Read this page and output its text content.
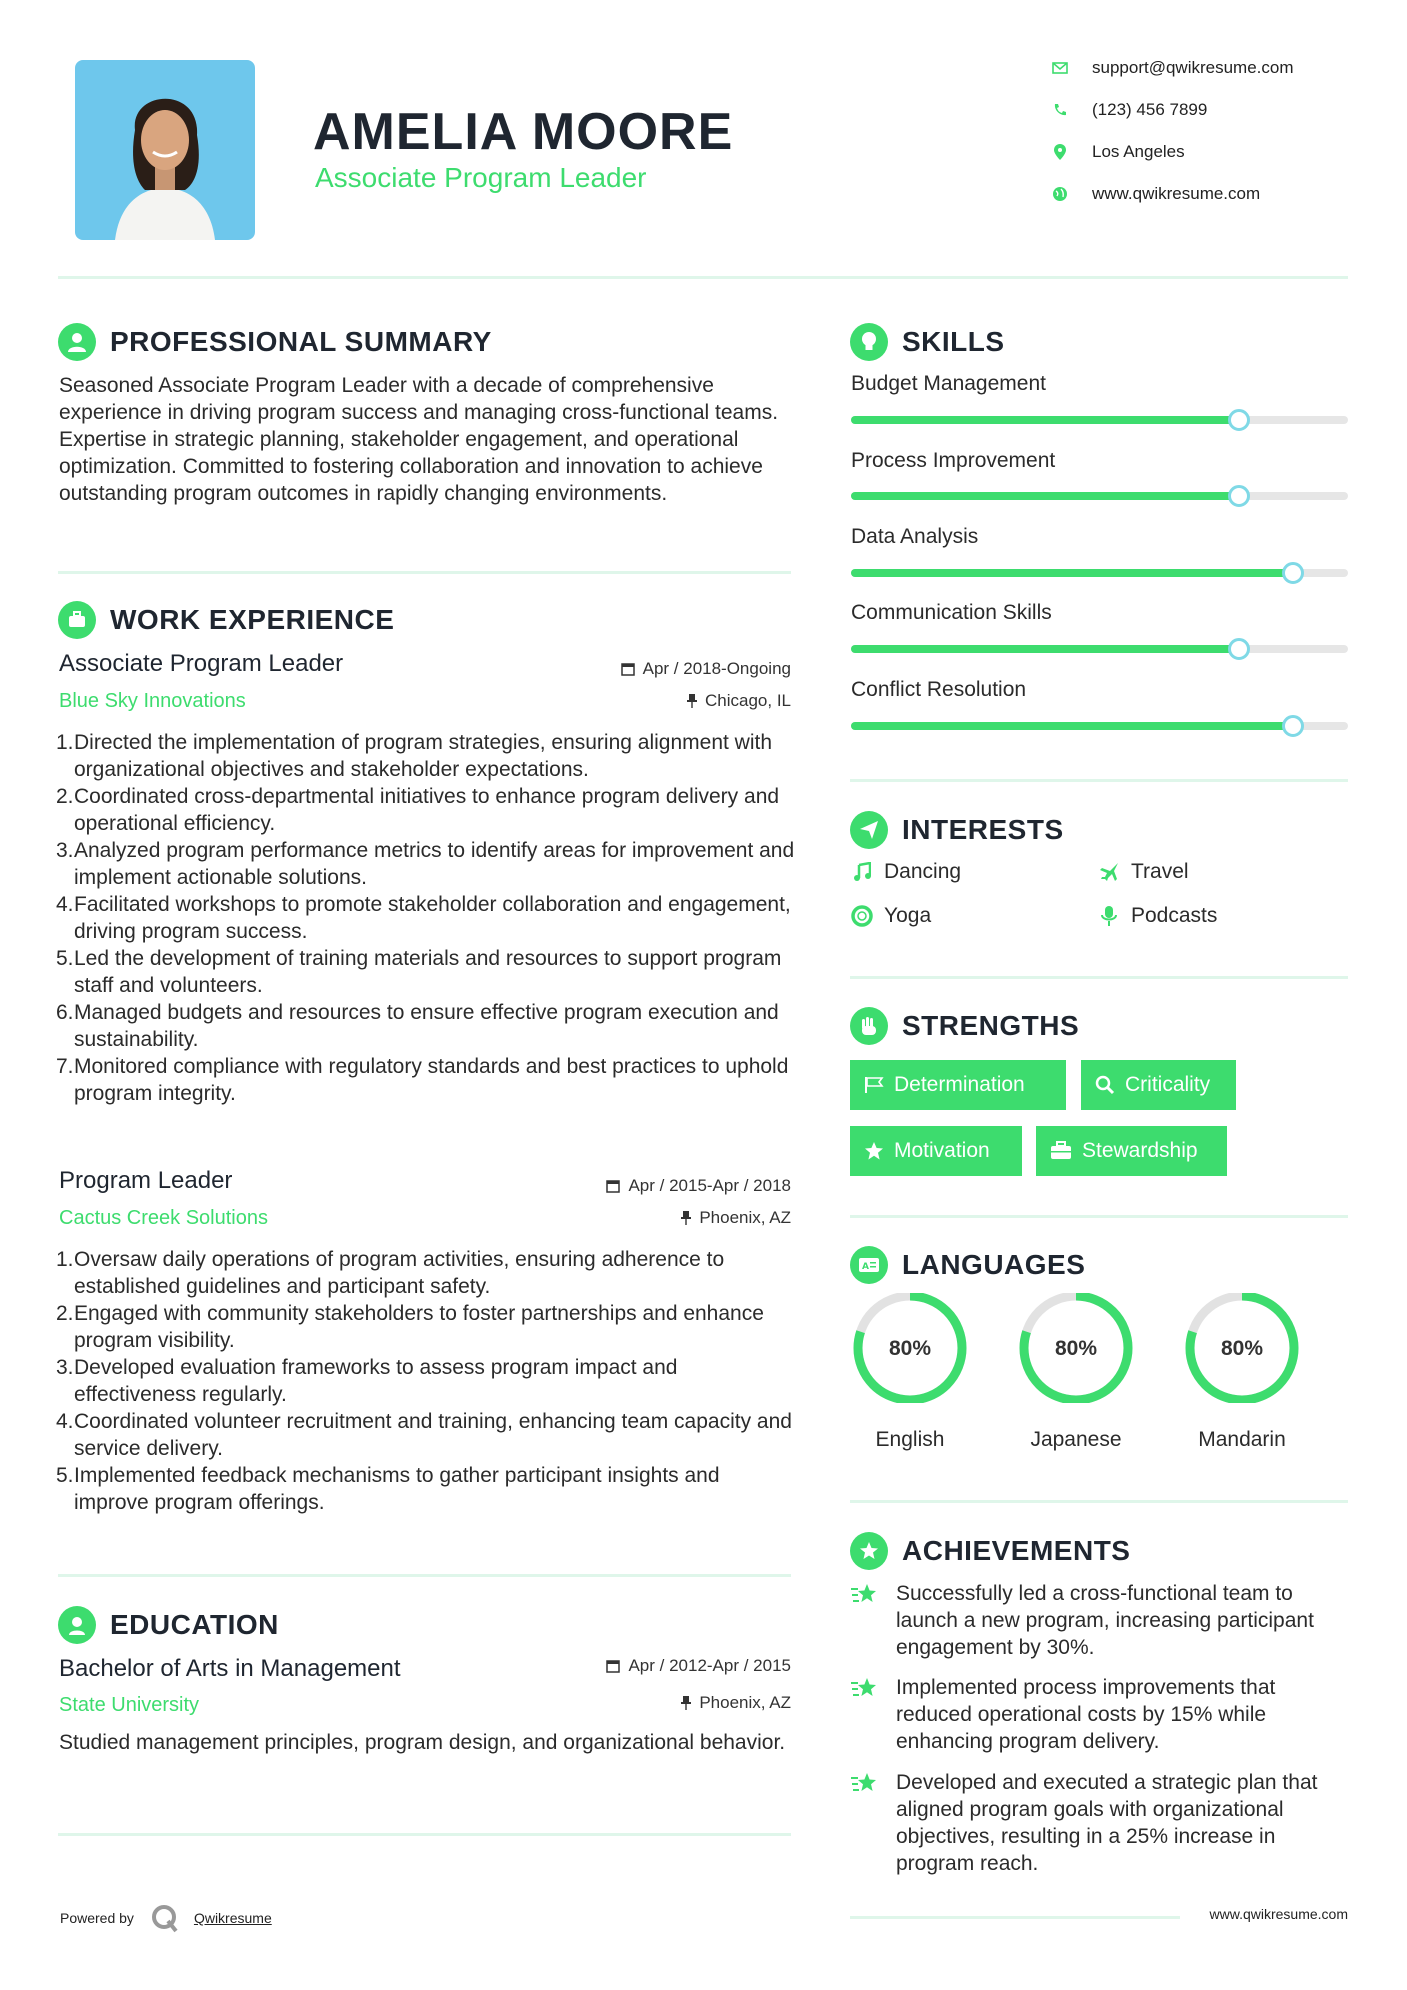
AMELIA MOORE
Associate Program Leader
support@qwikresume.com
(123) 456 7899
Los Angeles
www.qwikresume.com
PROFESSIONAL SUMMARY
Seasoned Associate Program Leader with a decade of comprehensive experience in driving program success and managing cross-functional teams. Expertise in strategic planning, stakeholder engagement, and operational optimization. Committed to fostering collaboration and innovation to achieve outstanding program outcomes in rapidly changing environments.
WORK EXPERIENCE
Associate Program Leader	Apr / 2018-Ongoing
Blue Sky Innovations	Chicago, IL
1. Directed the implementation of program strategies, ensuring alignment with organizational objectives and stakeholder expectations.
2. Coordinated cross-departmental initiatives to enhance program delivery and operational efficiency.
3. Analyzed program performance metrics to identify areas for improvement and implement actionable solutions.
4. Facilitated workshops to promote stakeholder collaboration and engagement, driving program success.
5. Led the development of training materials and resources to support program staff and volunteers.
6. Managed budgets and resources to ensure effective program execution and sustainability.
7. Monitored compliance with regulatory standards and best practices to uphold program integrity.
Program Leader	Apr / 2015-Apr / 2018
Cactus Creek Solutions	Phoenix, AZ
1. Oversaw daily operations of program activities, ensuring adherence to established guidelines and participant safety.
2. Engaged with community stakeholders to foster partnerships and enhance program visibility.
3. Developed evaluation frameworks to assess program impact and effectiveness regularly.
4. Coordinated volunteer recruitment and training, enhancing team capacity and service delivery.
5. Implemented feedback mechanisms to gather participant insights and improve program offerings.
EDUCATION
Bachelor of Arts in Management	Apr / 2012-Apr / 2015
State University	Phoenix, AZ
Studied management principles, program design, and organizational behavior.
Powered by	Qwikresume
SKILLS
Budget Management
Process Improvement
Data Analysis
Communication Skills
Conflict Resolution
INTERESTS
Dancing	Travel
Yoga	Podcasts
STRENGTHS
Determination	Criticality
Motivation	Stewardship
A LANGUAGES
80%	80%	80%
English	Japanese	Mandarin
ACHIEVEMENTS
Successfully led a cross-functional team to launch a new program, increasing participant engagement by 30%.
Implemented process improvements that reduced operational costs by 15% while enhancing program delivery.
Developed and executed a strategic plan that aligned program goals with organizational objectives, resulting in a 25% increase in program reach.
www.qwikresume.com
